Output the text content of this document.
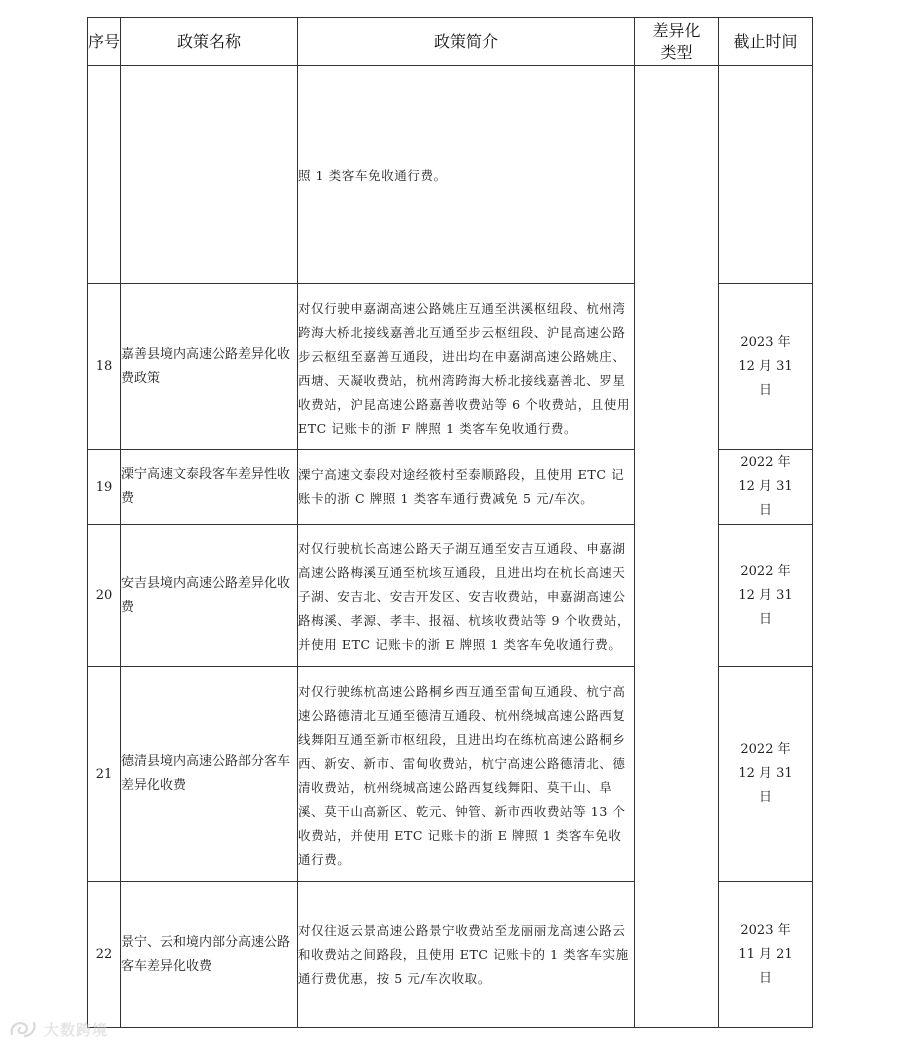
序号	政策名称	政策简介	差异化类型	截止时间
		照 1 类客车免收通行费。		
18	嘉善县境内高速公路差异化收费政策	对仅行驶申嘉湖高速公路姚庄互通至洪溪枢纽段、杭州湾跨海大桥北接线嘉善北互通至步云枢纽段、沪昆高速公路步云枢纽至嘉善互通段，进出均在申嘉湖高速公路姚庄、西塘、天凝收费站，杭州湾跨海大桥北接线嘉善北、罗星收费站，沪昆高速公路嘉善收费站等 6 个收费站，且使用 ETC 记账卡的浙 F 牌照 1 类客车免收通行费。		2023 年 12 月 31 日
19	溧宁高速文泰段客车差异性收费	溧宁高速文泰段对途经筱村至泰顺路段，且使用 ETC 记账卡的浙 C 牌照 1 类客车通行费减免 5 元/车次。		2022 年 12 月 31 日
20	安吉县境内高速公路差异化收费	对仅行驶杭长高速公路天子湖互通至安吉互通段、申嘉湖高速公路梅溪互通至杭垓互通段，且进出均在杭长高速天子湖、安吉北、安吉开发区、安吉收费站，申嘉湖高速公路梅溪、孝源、孝丰、报福、杭垓收费站等 9 个收费站，并使用 ETC 记账卡的浙 E 牌照 1 类客车免收通行费。		2022 年 12 月 31 日
21	德清县境内高速公路部分客车差异化收费	对仅行驶练杭高速公路桐乡西互通至雷甸互通段、杭宁高速公路德清北互通至德清互通段、杭州绕城高速公路西复线舞阳互通至新市枢纽段，且进出均在练杭高速公路桐乡西、新安、新市、雷甸收费站，杭宁高速公路德清北、德清收费站，杭州绕城高速公路西复线舞阳、莫干山、阜溪、莫干山高新区、乾元、钟管、新市西收费站等 13 个收费站，并使用 ETC 记账卡的浙 E 牌照 1 类客车免收通行费。		2022 年 12 月 31 日
22	景宁、云和境内部分高速公路客车差异化收费	对仅往返云景高速公路景宁收费站至龙丽丽龙高速公路云和收费站之间路段，且使用 ETC 记账卡的 1 类客车实施通行费优惠，按 5 元/车次收取。		2023 年 11 月 21 日
大数跨境
